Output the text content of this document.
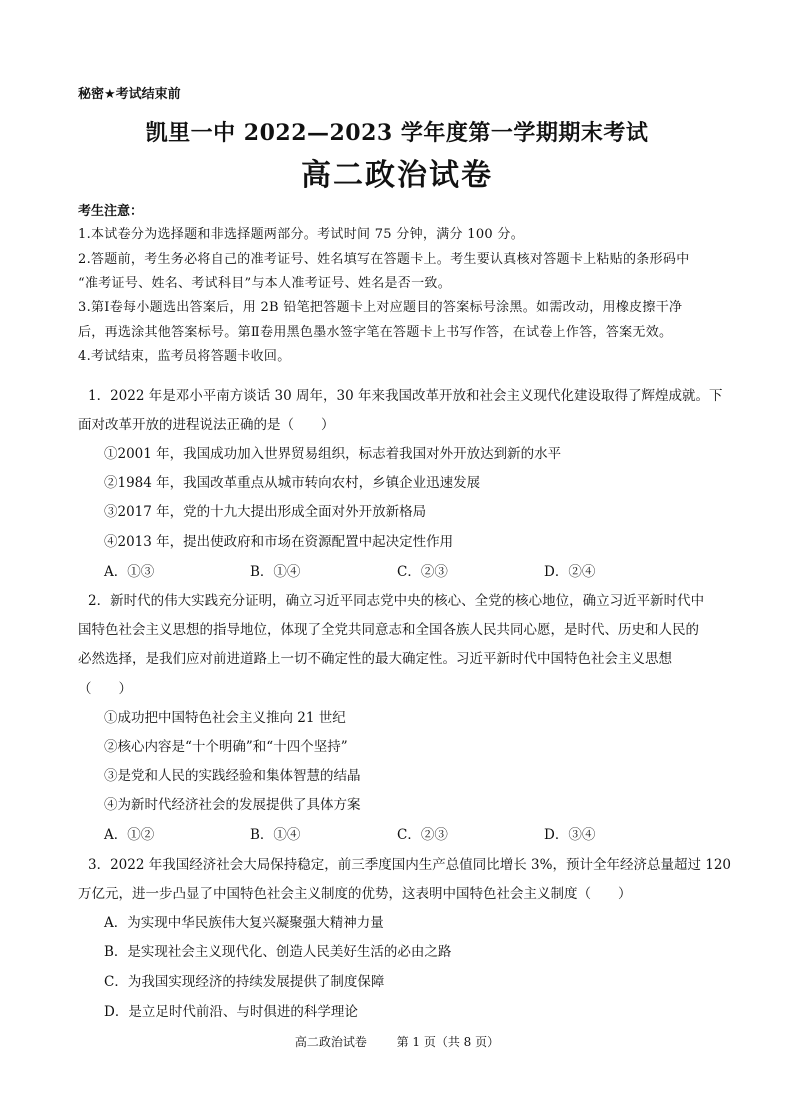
秘密★考试结束前
凯里一中 2022—2023 学年度第一学期期末考试
高二政治试卷
考生注意：
1.本试卷分为选择题和非选择题两部分。考试时间 75 分钟，满分 100 分。
2.答题前，考生务必将自己的准考证号、姓名填写在答题卡上。考生要认真核对答题卡上粘贴的条形码中
“准考证号、姓名、考试科目”与本人准考证号、姓名是否一致。
3.第Ⅰ卷每小题选出答案后，用 2B 铅笔把答题卡上对应题目的答案标号涂黑。如需改动，用橡皮擦干净
后，再选涂其他答案标号。第Ⅱ卷用黑色墨水签字笔在答题卡上书写作答，在试卷上作答，答案无效。
4.考试结束，监考员将答题卡收回。
1．2022 年是邓小平南方谈话 30 周年，30 年来我国改革开放和社会主义现代化建设取得了辉煌成就。下
面对改革开放的进程说法正确的是（　　）
①2001 年，我国成功加入世界贸易组织，标志着我国对外开放达到新的水平
②1984 年，我国改革重点从城市转向农村，乡镇企业迅速发展
③2017 年，党的十九大提出形成全面对外开放新格局
④2013 年，提出使政府和市场在资源配置中起决定性作用
A．①③	B．①④	C．②③	D．②④
2．新时代的伟大实践充分证明，确立习近平同志党中央的核心、全党的核心地位，确立习近平新时代中
国特色社会主义思想的指导地位，体现了全党共同意志和全国各族人民共同心愿，是时代、历史和人民的
必然选择，是我们应对前进道路上一切不确定性的最大确定性。习近平新时代中国特色社会主义思想
（　　）
①成功把中国特色社会主义推向 21 世纪
②核心内容是“十个明确”和“十四个坚持”
③是党和人民的实践经验和集体智慧的结晶
④为新时代经济社会的发展提供了具体方案
A．①②	B．①④	C．②③	D．③④
3．2022 年我国经济社会大局保持稳定，前三季度国内生产总值同比增长 3%，预计全年经济总量超过 120
万亿元，进一步凸显了中国特色社会主义制度的优势，这表明中国特色社会主义制度（　　）
A．为实现中华民族伟大复兴凝聚强大精神力量
B．是实现社会主义现代化、创造人民美好生活的必由之路
C．为我国实现经济的持续发展提供了制度保障
D．是立足时代前沿、与时俱进的科学理论
高二政治试卷 第 1 页（共 8 页）
